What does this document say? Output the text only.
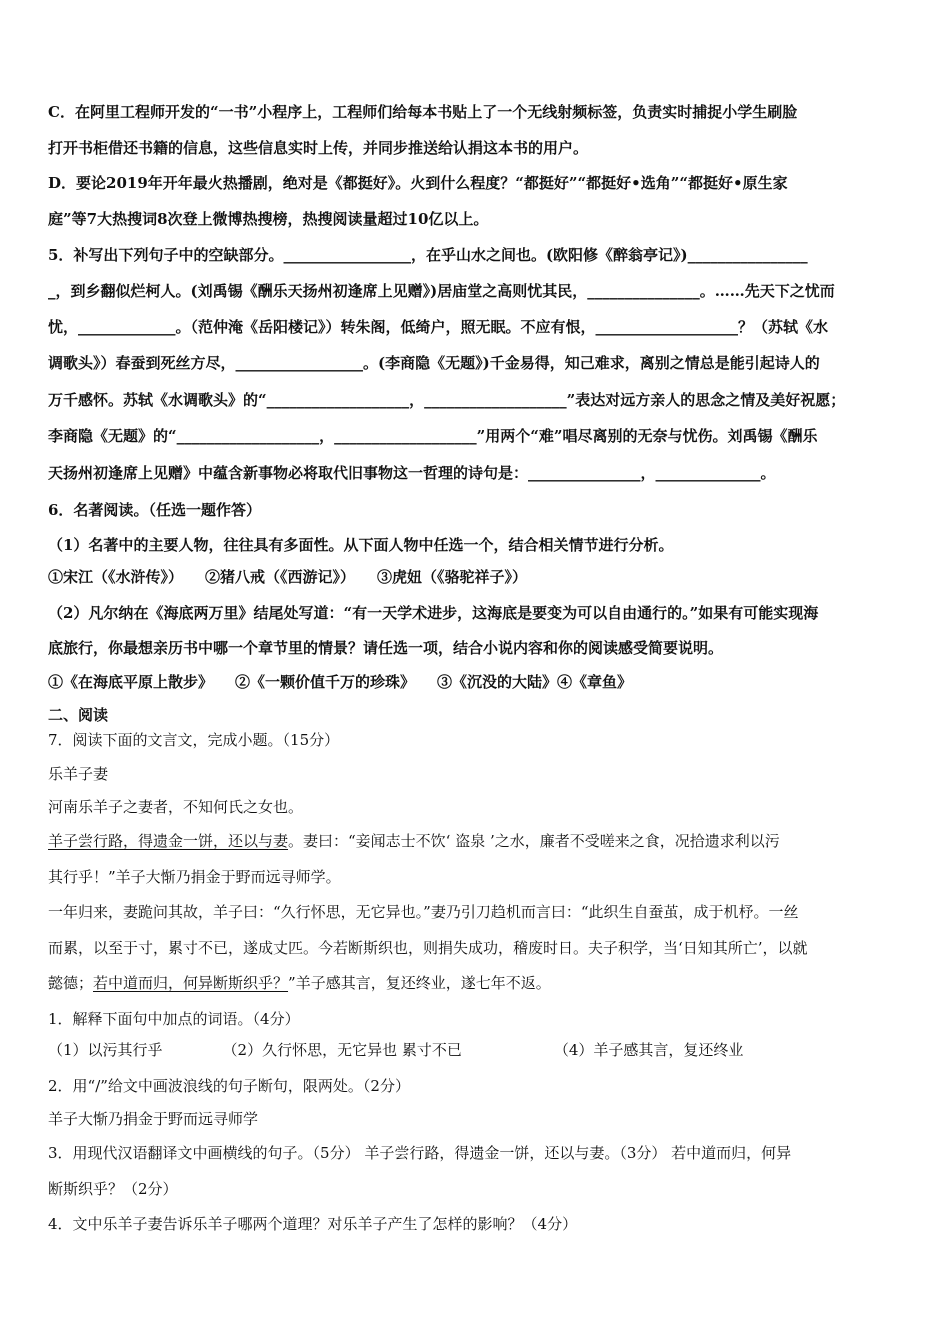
C．在阿里工程师开发的“一书”小程序上，工程师们给每本书贴上了一个无线射频标签，负责实时捕捉小学生刷脸
打开书柜借还书籍的信息，这些信息实时上传，并同步推送给认捐这本书的用户。
D．要论2019年开年最火热播剧，绝对是《都挺好》。火到什么程度？“都挺好”“都挺好•选角”“都挺好•原生家
庭”等7大热搜词8次登上微博热搜榜，热搜阅读量超过10亿以上。
5．补写出下列句子中的空缺部分。_________________，在乎山水之间也。(欧阳修《醉翁亭记》)________________
_，到乡翻似烂柯人。(刘禹锡《酬乐天扬州初逢席上见赠》)居庙堂之高则忧其民，_______________。……先天下之忧而
忧，_____________。（范仲淹《岳阳楼记》）转朱阁，低绮户，照无眠。不应有恨，___________________？（苏轼《水
调歌头》）春蚕到死丝方尽，_________________。(李商隐《无题》)千金易得，知己难求，离别之情总是能引起诗人的
万千感怀。苏轼《水调歌头》的“___________________，___________________”表达对远方亲人的思念之情及美好祝愿；
李商隐《无题》的“___________________，___________________”用两个“难”唱尽离别的无奈与忧伤。刘禹锡《酬乐
天扬州初逢席上见赠》中蕴含新事物必将取代旧事物这一哲理的诗句是：_______________，______________。
6．名著阅读。（任选一题作答）
（1）名著中的主要人物，往往具有多面性。从下面人物中任选一个，结合相关情节进行分析。
①宋江（《水浒传》） ②猪八戒（《西游记》） ③虎妞（《骆驼祥子》）
（2）凡尔纳在《海底两万里》结尾处写道：“有一天学术进步，这海底是要变为可以自由通行的。”如果有可能实现海
底旅行，你最想亲历书中哪一个章节里的情景？请任选一项，结合小说内容和你的阅读感受简要说明。
①《在海底平原上散步》 ②《一颗价值千万的珍珠》 ③《沉没的大陆》④《章鱼》
二、阅读
7．阅读下面的文言文，完成小题。（15分）
乐羊子妻
河南乐羊子之妻者，不知何氏之女也。
羊子尝行路，得遗金一饼，还以与妻。妻曰：“妾闻志士不饮‘ 盗泉 ’之水，廉者不受嗟来之食，况拾遗求利以污
其行乎！”羊子大惭乃捐金于野而远寻师学。
一年归来，妻跪问其故，羊子曰：“久行怀思，无它异也。”妻乃引刀趋机而言曰：“此织生自蚕茧，成于机杼。一丝
而累，以至于寸，累寸不已，遂成丈匹。今若断斯织也，则捐失成功，稽废时日。夫子积学，当‘日知其所亡’，以就
懿德；若中道而归，何异断斯织乎？”羊子感其言，复还终业，遂七年不返。
1．解释下面句中加点的词语。（4分）
（1）以污其行乎	（2）久行怀思，无它异也 累寸不已	（4）羊子感其言，复还终业
2．用“/”给文中画波浪线的句子断句，限两处。（2分）
羊子大惭乃捐金于野而远寻师学
3．用现代汉语翻译文中画横线的句子。（5分） 羊子尝行路，得遗金一饼，还以与妻。（3分） 若中道而归，何异
断斯织乎？（2分）
4．文中乐羊子妻告诉乐羊子哪两个道理？对乐羊子产生了怎样的影响？（4分）
